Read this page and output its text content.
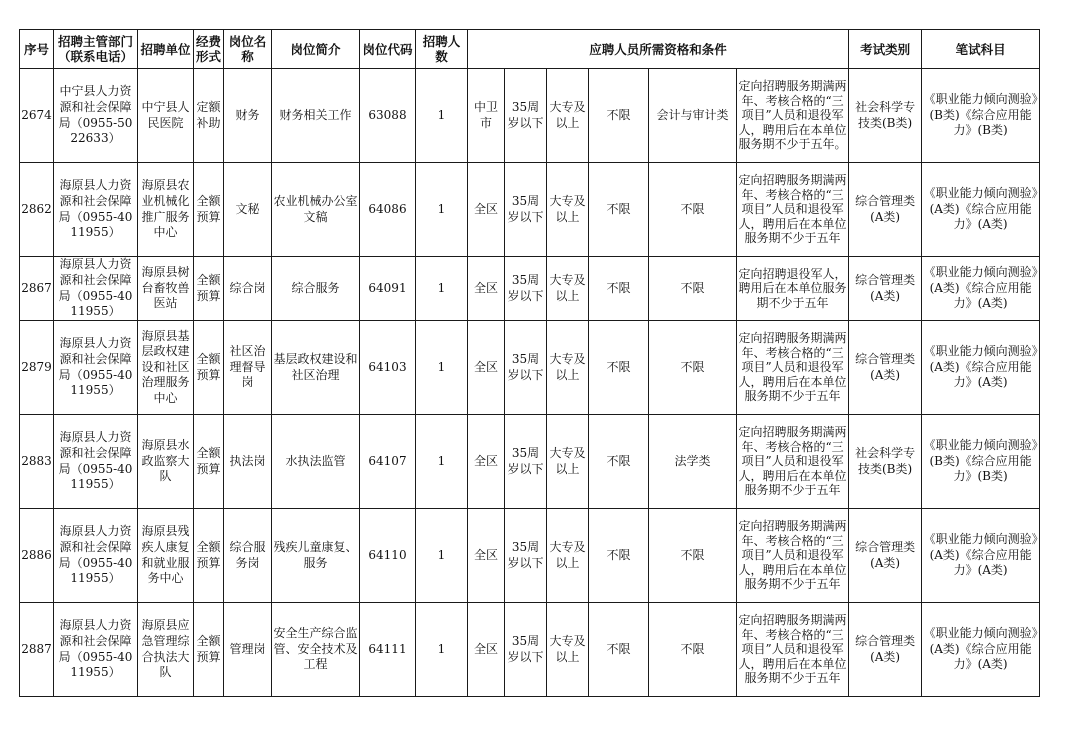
序号	招聘主管部门（联系电话）	招聘单位	经费形式	岗位名称	岗位简介	岗位代码	招聘人数	应聘人员所需资格和条件						考试类别	笔试科目
2674	中宁县人力资源和社会保障局（0955-5022633）	中宁县人民医院	定额补助	财务	财务相关工作	63088	1	中卫市	35周岁以下	大专及以上	不限	会计与审计类	定向招聘服务期满两年、考核合格的“三项目”人员和退役军人，聘用后在本单位服务期不少于五年。	社会科学专技类(B类)	《职业能力倾向测验》(B类)《综合应用能力》(B类)
2862	海原县人力资源和社会保障局（0955-4011955）	海原县农业机械化推广服务中心	全额预算	文秘	农业机械办公室文稿	64086	1	全区	35周岁以下	大专及以上	不限	不限	定向招聘服务期满两年、考核合格的“三项目”人员和退役军人，聘用后在本单位服务期不少于五年	综合管理类(A类)	《职业能力倾向测验》(A类)《综合应用能力》(A类)
2867	海原县人力资源和社会保障局（0955-4011955）	海原县树台畜牧兽医站	全额预算	综合岗	综合服务	64091	1	全区	35周岁以下	大专及以上	不限	不限	定向招聘退役军人，聘用后在本单位服务期不少于五年	综合管理类(A类)	《职业能力倾向测验》(A类)《综合应用能力》(A类)
2879	海原县人力资源和社会保障局（0955-4011955）	海原县基层政权建设和社区治理服务中心	全额预算	社区治理督导岗	基层政权建设和社区治理	64103	1	全区	35周岁以下	大专及以上	不限	不限	定向招聘服务期满两年、考核合格的“三项目”人员和退役军人，聘用后在本单位服务期不少于五年	综合管理类(A类)	《职业能力倾向测验》(A类)《综合应用能力》(A类)
2883	海原县人力资源和社会保障局（0955-4011955）	海原县水政监察大队	全额预算	执法岗	水执法监管	64107	1	全区	35周岁以下	大专及以上	不限	法学类	定向招聘服务期满两年、考核合格的“三项目”人员和退役军人，聘用后在本单位服务期不少于五年	社会科学专技类(B类)	《职业能力倾向测验》(B类)《综合应用能力》(B类)
2886	海原县人力资源和社会保障局（0955-4011955）	海原县残疾人康复和就业服务中心	全额预算	综合服务岗	残疾儿童康复、服务	64110	1	全区	35周岁以下	大专及以上	不限	不限	定向招聘服务期满两年、考核合格的“三项目”人员和退役军人，聘用后在本单位服务期不少于五年	综合管理类(A类)	《职业能力倾向测验》(A类)《综合应用能力》(A类)
2887	海原县人力资源和社会保障局（0955-4011955）	海原县应急管理综合执法大队	全额预算	管理岗	安全生产综合监管、安全技术及工程	64111	1	全区	35周岁以下	大专及以上	不限	不限	定向招聘服务期满两年、考核合格的“三项目”人员和退役军人，聘用后在本单位服务期不少于五年	综合管理类(A类)	《职业能力倾向测验》(A类)《综合应用能力》(A类)
